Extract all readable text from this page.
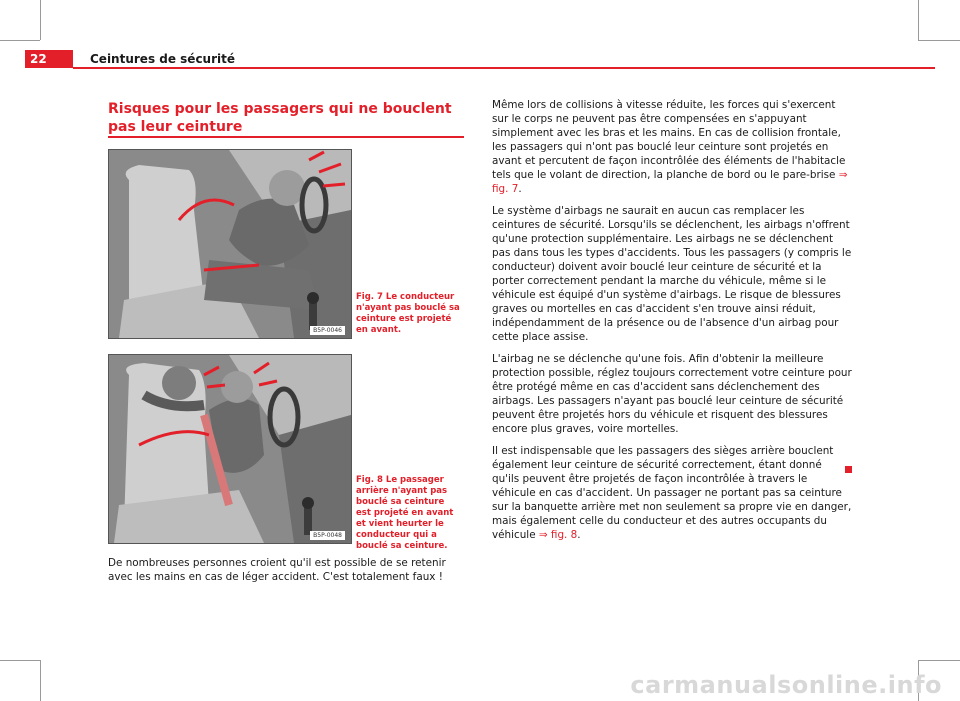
22	Ceintures de sécurité
Risques pour les passagers qui ne bouclent pas leur ceinture
B5P-0046
Fig. 7 Le conducteur n'ayant pas bouclé sa ceinture est projeté en avant.
B5P-0048
Fig. 8 Le passager arrière n'ayant pas bouclé sa ceinture est projeté en avant et vient heurter le conducteur qui a bouclé sa ceinture.
De nombreuses personnes croient qu'il est possible de se retenir avec les mains en cas de léger accident. C'est totalement faux !

Même lors de collisions à vitesse réduite, les forces qui s'exercent sur le corps ne peuvent pas être compensées en s'appuyant simplement avec les bras et les mains. En cas de collision frontale, les passagers qui n'ont pas bouclé leur ceinture sont projetés en avant et percutent de façon incontrôlée des éléments de l'habitacle tels que le volant de direction, la planche de bord ou le pare-brise ⇒ fig. 7.

Le système d'airbags ne saurait en aucun cas remplacer les ceintures de sécurité. Lorsqu'ils se déclenchent, les airbags n'offrent qu'une protection supplémentaire. Les airbags ne se déclenchent pas dans tous les types d'accidents. Tous les passagers (y compris le conducteur) doivent avoir bouclé leur ceinture de sécurité et la porter correctement pendant la marche du véhicule, même si le véhicule est équipé d'un système d'airbags. Le risque de blessures graves ou mortelles en cas d'accident s'en trouve ainsi réduit, indépendamment de la présence ou de l'absence d'un airbag pour cette place assise.

L'airbag ne se déclenche qu'une fois. Afin d'obtenir la meilleure protection possible, réglez toujours correctement votre ceinture pour être protégé même en cas d'accident sans déclenchement des airbags. Les passagers n'ayant pas bouclé leur ceinture de sécurité peuvent être projetés hors du véhicule et risquent des blessures encore plus graves, voire mortelles.

Il est indispensable que les passagers des sièges arrière bouclent également leur ceinture de sécurité correctement, étant donné qu'ils peuvent être projetés de façon incontrôlée à travers le véhicule en cas d'accident. Un passager ne portant pas sa ceinture sur la banquette arrière met non seulement sa propre vie en danger, mais également celle du conducteur et des autres occupants du véhicule ⇒ fig. 8.

carmanualsonline.info
